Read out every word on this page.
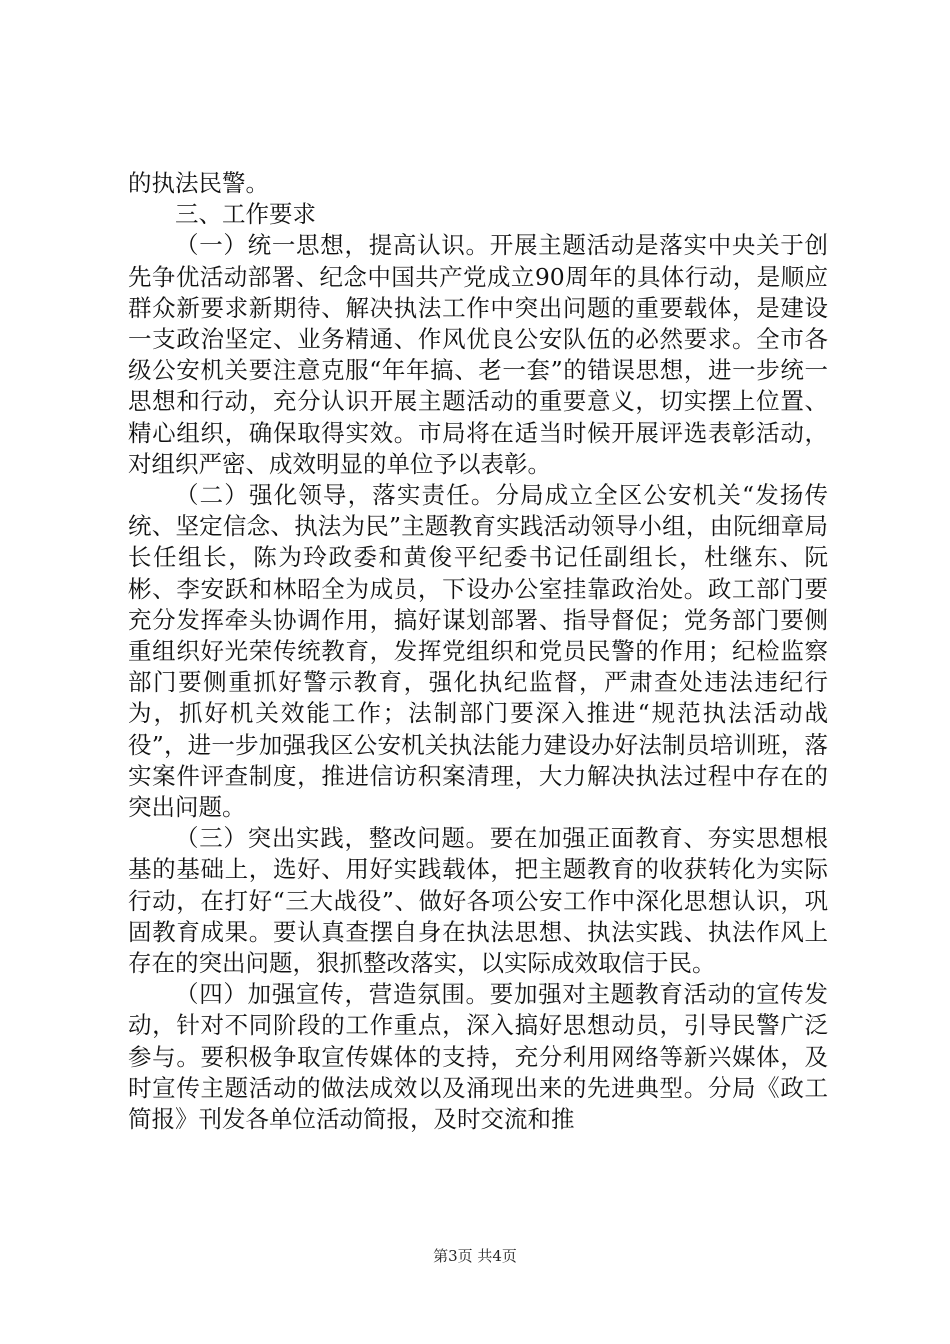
的执法民警。

三、工作要求

（一）统一思想，提高认识。开展主题活动是落实中央关于创先争优活动部署、纪念中国共产党成立90周年的具体行动，是顺应群众新要求新期待、解决执法工作中突出问题的重要载体，是建设一支政治坚定、业务精通、作风优良公安队伍的必然要求。全市各级公安机关要注意克服“年年搞、老一套”的错误思想，进一步统一思想和行动，充分认识开展主题活动的重要意义，切实摆上位置、精心组织，确保取得实效。市局将在适当时候开展评选表彰活动，对组织严密、成效明显的单位予以表彰。

（二）强化领导，落实责任。分局成立全区公安机关“发扬传统、坚定信念、执法为民”主题教育实践活动领导小组，由阮细章局长任组长，陈为玲政委和黄俊平纪委书记任副组长，杜继东、阮彬、李安跃和林昭全为成员，下设办公室挂靠政治处。政工部门要充分发挥牵头协调作用，搞好谋划部署、指导督促；党务部门要侧重组织好光荣传统教育，发挥党组织和党员民警的作用；纪检监察部门要侧重抓好警示教育，强化执纪监督，严肃查处违法违纪行为，抓好机关效能工作；法制部门要深入推进“规范执法活动战役”，进一步加强我区公安机关执法能力建设办好法制员培训班，落实案件评查制度，推进信访积案清理，大力解决执法过程中存在的突出问题。

（三）突出实践，整改问题。要在加强正面教育、夯实思想根基的基础上，选好、用好实践载体，把主题教育的收获转化为实际行动，在打好“三大战役”、做好各项公安工作中深化思想认识，巩固教育成果。要认真查摆自身在执法思想、执法实践、执法作风上存在的突出问题，狠抓整改落实，以实际成效取信于民。

（四）加强宣传，营造氛围。要加强对主题教育活动的宣传发动，针对不同阶段的工作重点，深入搞好思想动员，引导民警广泛参与。要积极争取宣传媒体的支持，充分利用网络等新兴媒体，及时宣传主题活动的做法成效以及涌现出来的先进典型。分局《政工简报》刊发各单位活动简报，及时交流和推

第3页 共4页
